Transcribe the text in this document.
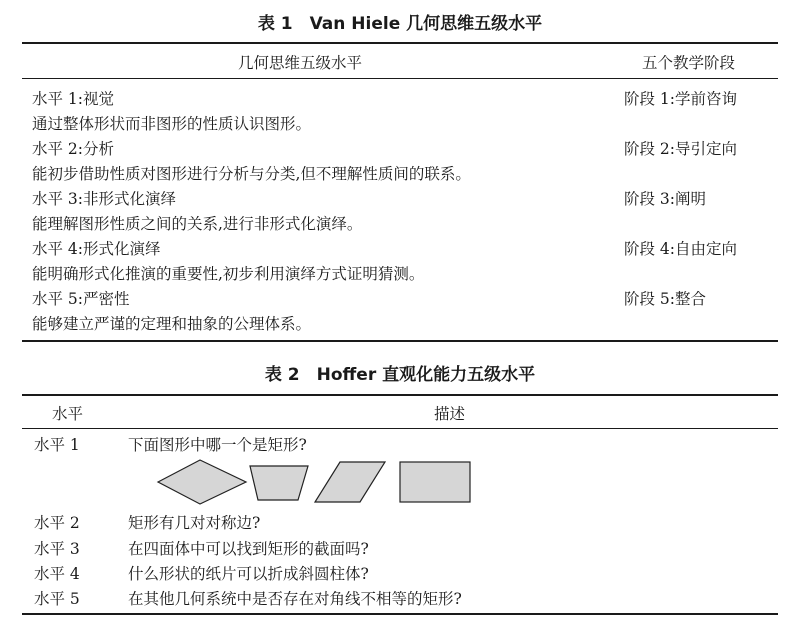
表 1　Van Hiele 几何思维五级水平
几何思维五级水平	五个教学阶段
水平 1:视觉	阶段 1:学前咨询
通过整体形状而非图形的性质认识图形。
水平 2:分析	阶段 2:导引定向
能初步借助性质对图形进行分析与分类,但不理解性质间的联系。
水平 3:非形式化演绎	阶段 3:阐明
能理解图形性质之间的关系,进行非形式化演绎。
水平 4:形式化演绎	阶段 4:自由定向
能明确形式化推演的重要性,初步利用演绎方式证明猜测。
水平 5:严密性	阶段 5:整合
能够建立严谨的定理和抽象的公理体系。
表 2　Hoffer 直观化能力五级水平
水平	描述
水平 1	下面图形中哪一个是矩形?
水平 2	矩形有几对对称边?
水平 3	在四面体中可以找到矩形的截面吗?
水平 4	什么形状的纸片可以折成斜圆柱体?
水平 5	在其他几何系统中是否存在对角线不相等的矩形?
